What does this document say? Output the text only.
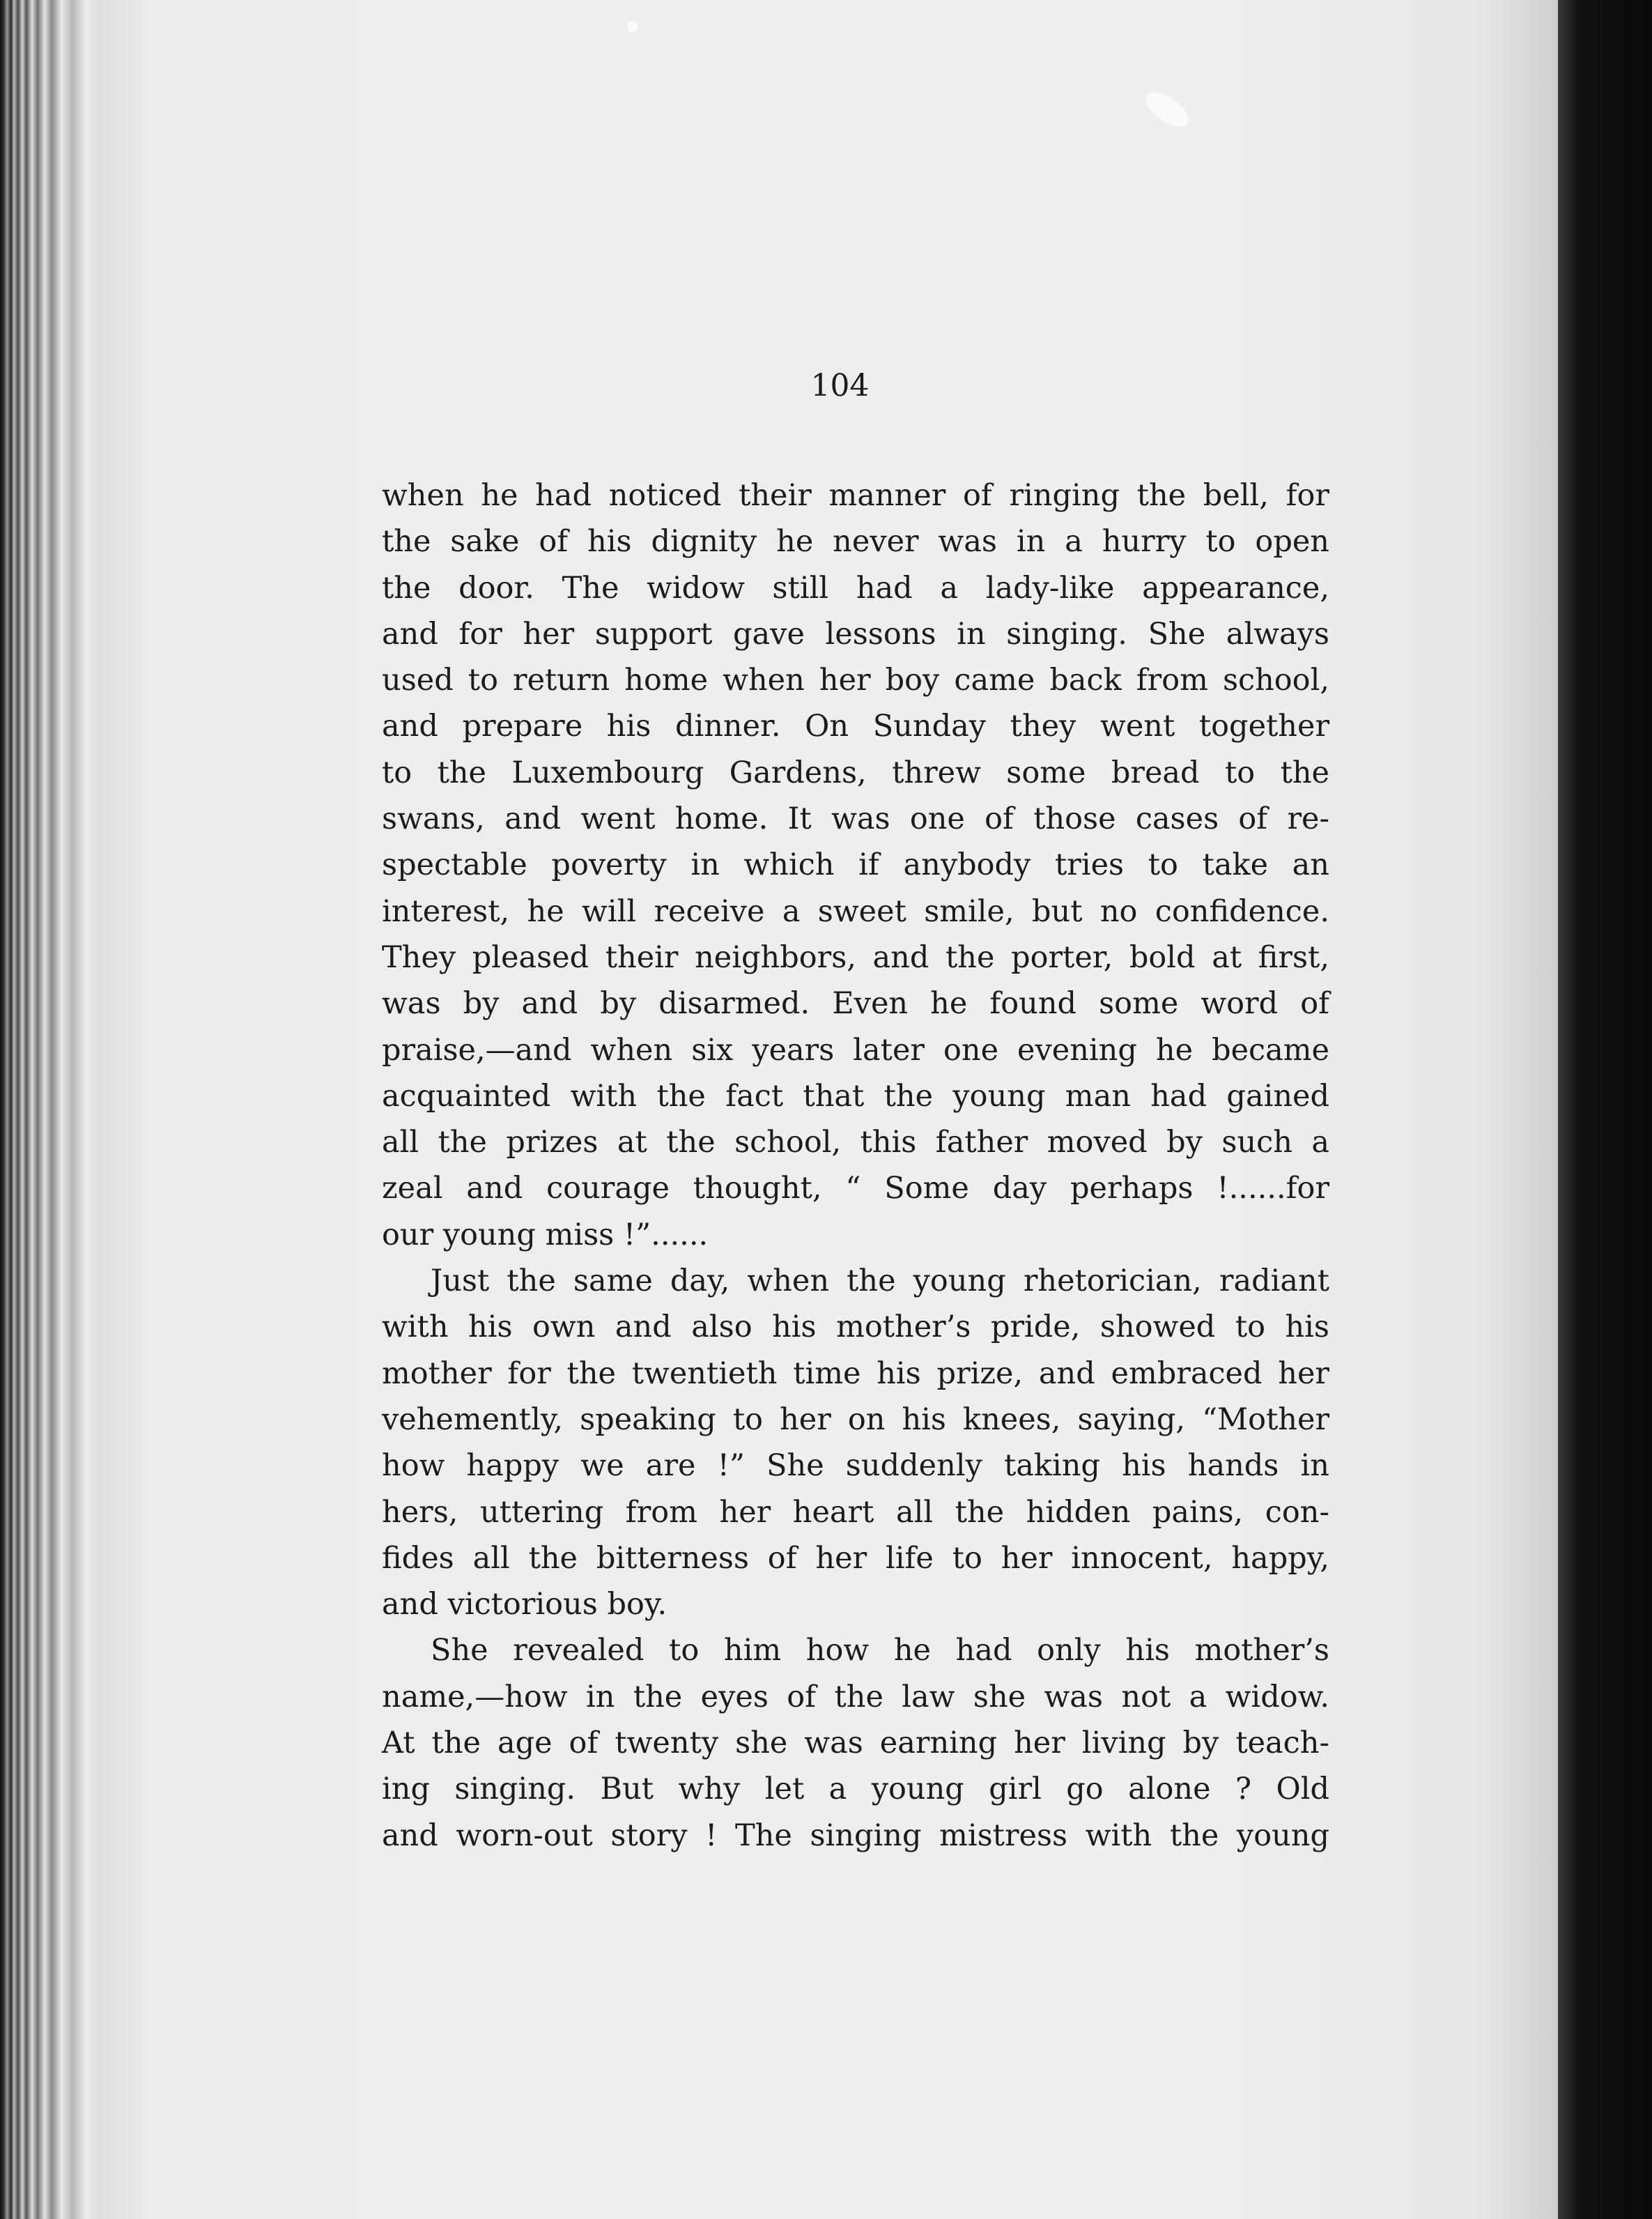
104
when he had noticed their manner of ringing the bell, for
the sake of his dignity he never was in a hurry to open
the door. The widow still had a lady-like appearance,
and for her support gave lessons in singing. She always
used to return home when her boy came back from school,
and prepare his dinner. On Sunday they went together
to the Luxembourg Gardens, threw some bread to the
swans, and went home. It was one of those cases of re-
spectable poverty in which if anybody tries to take an
interest, he will receive a sweet smile, but no confidence.
They pleased their neighbors, and the porter, bold at first,
was by and by disarmed. Even he found some word of
praise,—and when six years later one evening he became
acquainted with the fact that the young man had gained
all the prizes at the school, this father moved by such a
zeal and courage thought, “ Some day perhaps !......for
our young miss !”......
Just the same day, when the young rhetorician, radiant
with his own and also his mother’s pride, showed to his
mother for the twentieth time his prize, and embraced her
vehemently, speaking to her on his knees, saying, “Mother
how happy we are !” She suddenly taking his hands in
hers, uttering from her heart all the hidden pains, con-
fides all the bitterness of her life to her innocent, happy,
and victorious boy.
She revealed to him how he had only his mother’s
name,—how in the eyes of the law she was not a widow.
At the age of twenty she was earning her living by teach-
ing singing. But why let a young girl go alone ? Old
and worn-out story ! The singing mistress with the young
